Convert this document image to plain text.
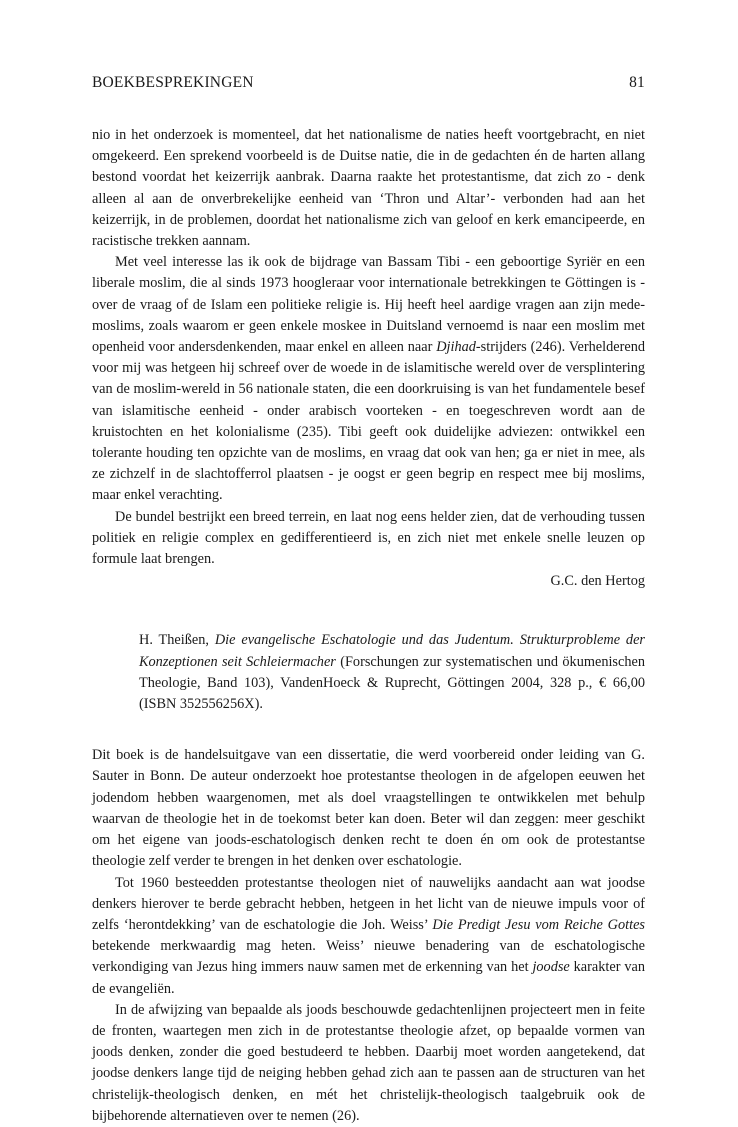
BOEKBESPREKINGEN	81

nio in het onderzoek is momenteel, dat het nationalisme de naties heeft voortgebracht, en niet omgekeerd. Een sprekend voorbeeld is de Duitse natie, die in de gedachten én de harten allang bestond voordat het keizerrijk aanbrak. Daarna raakte het protestantisme, dat zich zo - denk alleen al aan de onverbrekelijke eenheid van ‘Thron und Altar’- verbonden had aan het keizerrijk, in de problemen, doordat het nationalisme zich van geloof en kerk emancipeerde, en racistische trekken aannam.

Met veel interesse las ik ook de bijdrage van Bassam Tibi - een geboortige Syriër en een liberale moslim, die al sinds 1973 hoogleraar voor internationale betrekkingen te Göttingen is - over de vraag of de Islam een politieke religie is. Hij heeft heel aardige vragen aan zijn mede-moslims, zoals waarom er geen enkele moskee in Duitsland vernoemd is naar een moslim met openheid voor andersdenkenden, maar enkel en alleen naar Djihad-strijders (246). Verhelderend voor mij was hetgeen hij schreef over de woede in de islamitische wereld over de versplintering van de moslim-wereld in 56 nationale staten, die een doorkruising is van het fundamentele besef van islamitische eenheid - onder arabisch voorteken - en toegeschreven wordt aan de kruistochten en het kolonialisme (235). Tibi geeft ook duidelijke adviezen: ontwikkel een tolerante houding ten opzichte van de moslims, en vraag dat ook van hen; ga er niet in mee, als ze zichzelf in de slachtofferrol plaatsen - je oogst er geen begrip en respect mee bij moslims, maar enkel verachting.

De bundel bestrijkt een breed terrein, en laat nog eens helder zien, dat de verhouding tussen politiek en religie complex en gedifferentieerd is, en zich niet met enkele snelle leuzen op formule laat brengen.

G.C. den Hertog
H. Theißen, Die evangelische Eschatologie und das Judentum. Strukturprobleme der Konzeptionen seit Schleiermacher (Forschungen zur systematischen und ökumenischen Theologie, Band 103), VandenHoeck & Ruprecht, Göttingen 2004, 328 p., € 66,00 (ISBN 352556256X).

Dit boek is de handelsuitgave van een dissertatie, die werd voorbereid onder leiding van G. Sauter in Bonn. De auteur onderzoekt hoe protestantse theologen in de afgelopen eeuwen het jodendom hebben waargenomen, met als doel vraagstellingen te ontwikkelen met behulp waarvan de theologie het in de toekomst beter kan doen. Beter wil dan zeggen: meer geschikt om het eigene van joods-eschatologisch denken recht te doen én om ook de protestantse theologie zelf verder te brengen in het denken over eschatologie.

Tot 1960 besteedden protestantse theologen niet of nauwelijks aandacht aan wat joodse denkers hierover te berde gebracht hebben, hetgeen in het licht van de nieuwe impuls voor of zelfs ‘herontdekking’ van de eschatologie die Joh. Weiss’ Die Predigt Jesu vom Reiche Gottes betekende merkwaardig mag heten. Weiss’ nieuwe benadering van de eschatologische verkondiging van Jezus hing immers nauw samen met de erkenning van het joodse karakter van de evangeliën.

In de afwijzing van bepaalde als joods beschouwde gedachtenlijnen projecteert men in feite de fronten, waartegen men zich in de protestantse theologie afzet, op bepaalde vormen van joods denken, zonder die goed bestudeerd te hebben. Daarbij moet worden aangetekend, dat joodse denkers lange tijd de neiging hebben gehad zich aan te passen aan de structuren van het christelijk-theologisch denken, en mét het christelijk-theologisch taalgebruik ook de bijbehorende alternatieven over te nemen (26).
